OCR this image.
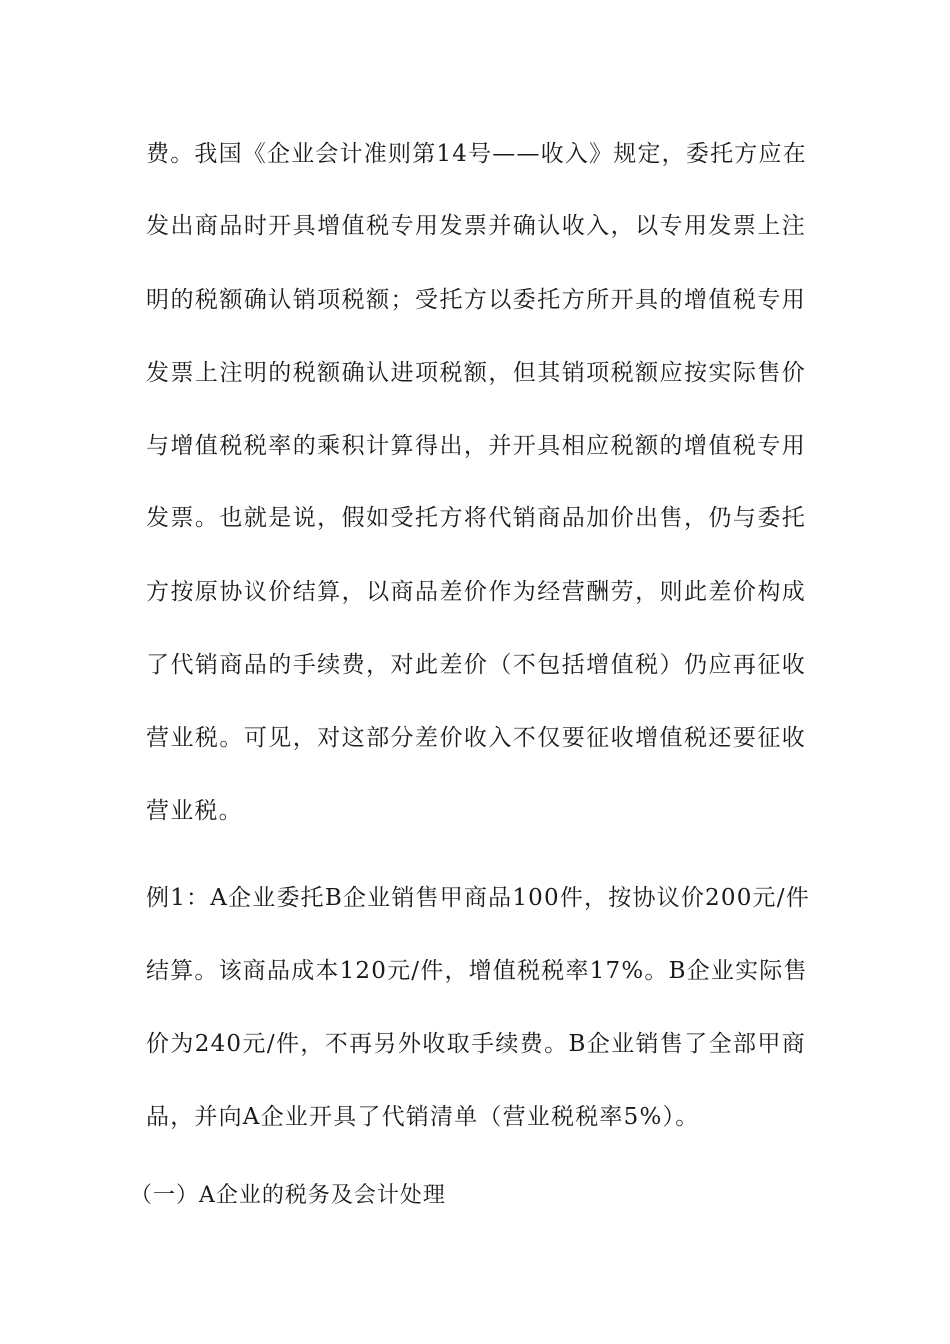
费。我国《企业会计准则第14号——收入》规定，委托方应在
发出商品时开具增值税专用发票并确认收入，以专用发票上注
明的税额确认销项税额；受托方以委托方所开具的增值税专用
发票上注明的税额确认进项税额，但其销项税额应按实际售价
与增值税税率的乘积计算得出，并开具相应税额的增值税专用
发票。也就是说，假如受托方将代销商品加价出售，仍与委托
方按原协议价结算，以商品差价作为经营酬劳，则此差价构成
了代销商品的手续费，对此差价（不包括增值税）仍应再征收
营业税。可见，对这部分差价收入不仅要征收增值税还要征收
营业税。
例1：A企业委托B企业销售甲商品100件，按协议价200元/件
结算。该商品成本120元/件，增值税税率17%。B企业实际售
价为240元/件，不再另外收取手续费。B企业销售了全部甲商
品，并向A企业开具了代销清单（营业税税率5%）。
（一）A企业的税务及会计处理
